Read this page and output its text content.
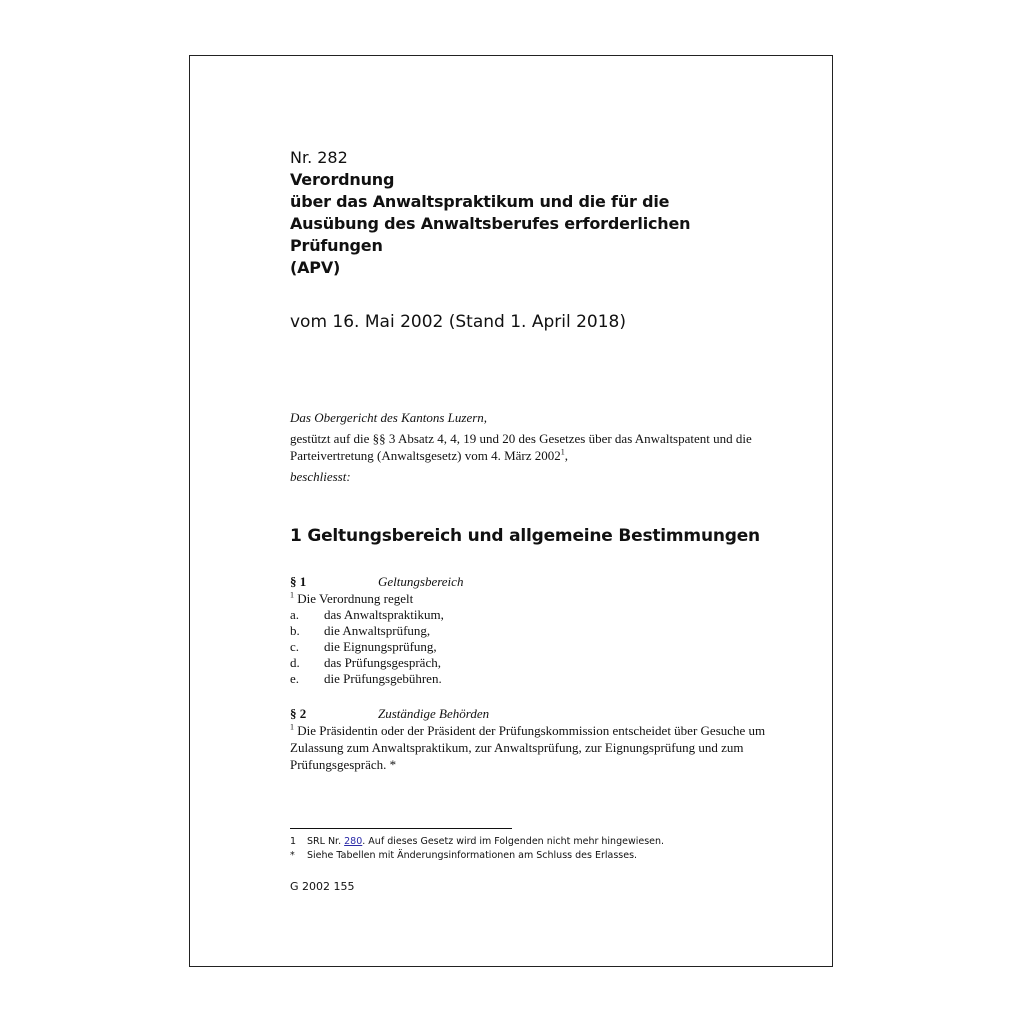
Nr. 282

Verordnung
über das Anwaltspraktikum und die für die
Ausübung des Anwaltsberufes erforderlichen
Prüfungen
(APV)

vom 16. Mai 2002 (Stand 1. April 2018)

Das Obergericht des Kantons Luzern,

gestützt auf die §§ 3 Absatz 4, 4, 19 und 20 des Gesetzes über das Anwaltspatent und die Parteivertretung (Anwaltsgesetz) vom 4. März 2002$^1$,

beschliesst:

1 Geltungsbereich und allgemeine Bestimmungen
§ 1	Geltungsbereich

$^1$ Die Verordnung regelt

a.	das Anwaltspraktikum,
b.	die Anwaltsprüfung,
c.	die Eignungsprüfung,
d.	das Prüfungsgespräch,
e.	die Prüfungsgebühren.
§ 2	Zuständige Behörden

$^1$ Die Präsidentin oder der Präsident der Prüfungskommission entscheidet über Gesuche um Zulassung zum Anwaltspraktikum, zur Anwaltsprüfung, zur Eignungsprüfung und zum Prüfungsgespräch. *

1	SRL Nr. 280. Auf dieses Gesetz wird im Folgenden nicht mehr hingewiesen.
*	Siehe Tabellen mit Änderungsinformationen am Schluss des Erlasses.
G 2002 155
